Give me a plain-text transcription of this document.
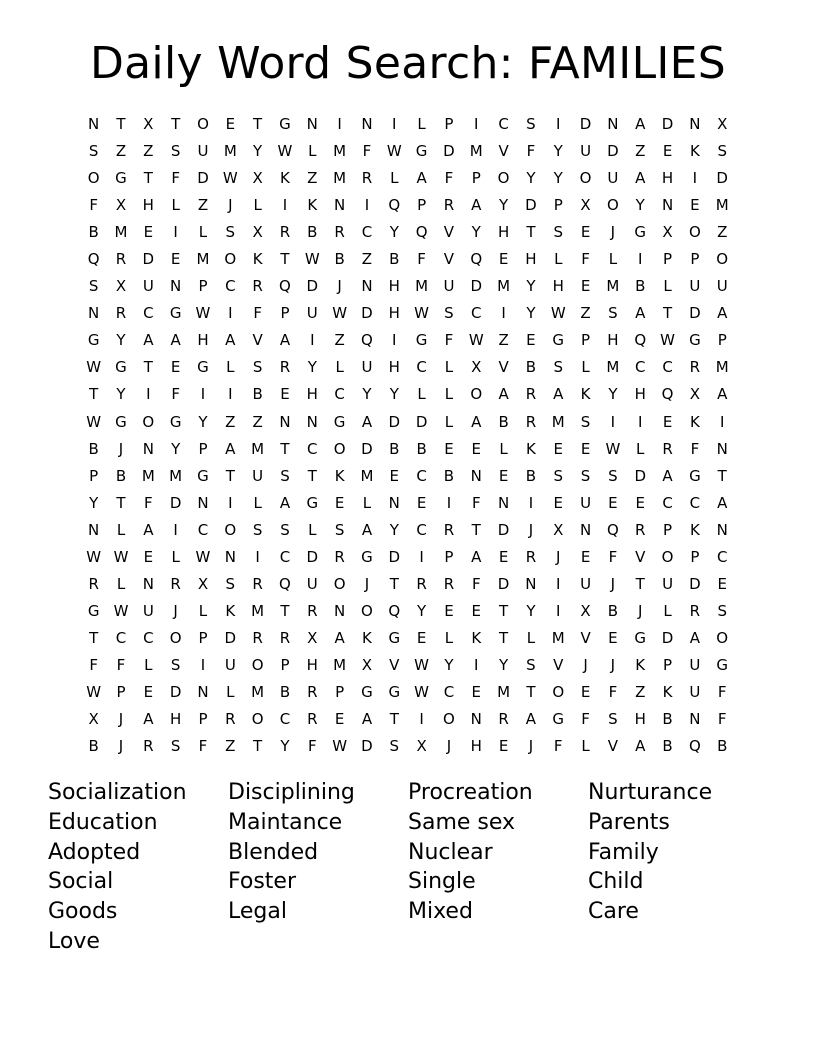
Daily Word Search: FAMILIES
N	T	X	T	O	E	T	G	N	I	N	I	L	P	I	C	S	I	D	N	A	D	N	X
S	Z	Z	S	U	M	Y	W	L	M	F	W G	D	M	V	F	Y	U	D	Z	E	K	S
O	G	T	F	D W X	K	Z	M	R	L	A	F	P	O	Y	Y	O	U	A	H	I	D
F	X	H	L	Z	J	L	I	K	N	I	Q	P	R	A	Y	D	P	X	O	Y	N	E	M
B	M	E	I	L	S	X	R	B	R	C	Y	Q	V	Y	H	T	S	E	J	G	X	O	Z
Q	R	D	E	M O	K	T	W B	Z	B	F	V	Q	E	H	L	F	L	I	P	P	O
S	X	U	N	P	C	R	Q	D	J	N	H	M	U	D	M	Y	H	E	M	B	L	U	U
N	R	C	G W	I	F	P	U W D	H W	S	C	I	Y	W Z	S	A	T	D	A
G	Y	A	A	H	A	V	A	I	Z	Q	I	G	F	W Z	E	G	P	H	Q W G	P
W G	T	E	G	L	S	R	Y	L	U	H	C	L	X	V	B	S	L	M	C	C	R	M
T	Y	I	F	I	I	B	E	H	C	Y	Y	L	L	O	A	R	A	K	Y	H	Q	X	A
W G	O	G	Y	Z	Z	N	N	G	A	D	D	L	A	B	R	M	S	I	I	E	K	I
B	J	N	Y	P	A	M	T	C	O	D	B	B	E	E	L	K	E	E	W	L	R	F	N
P	B	M M	G	T	U	S	T	K	M	E	C	B	N	E	B	S	S	S	D	A	G	T
Y	T	F	D	N	I	L	A	G	E	L	N	E	I	F	N	I	E	U	E	E	C	C	A
N	L	A	I	C	O	S	S	L	S	A	Y	C	R	T	D	J	X	N	Q	R	P	K	N
W W	E	L	W N	I	C	D	R	G	D	I	P	A	E	R	J	E	F	V	O	P	C
R	L	N	R	X	S	R	Q	U	O	J	T	R	R	F	D	N	I	U	J	T	U	D	E
G W U	J	L	K	M	T	R	N	O	Q	Y	E	E	T	Y	I	X	B	J	L	R	S
T	C	C	O	P	D	R	R	X	A	K	G	E	L	K	T	L	M	V	E	G	D	A	O
F	F	L	S	I	U	O	P	H	M	X	V W	Y	I	Y	S	V	J	J	K	P	U	G
W	P	E	D	N	L	M	B	R	P	G	G W C	E	M	T	O	E	F	Z	K	U	F
X	J	A	H	P	R	O	C	R	E	A	T	I	O	N	R	A	G	F	S	H	B	N	F
B	J	R	S	F	Z	T	Y	F	W D	S	X	J	H	E	J	F	L	V	A	B	Q	B
Socialization	Disciplining	Procreation	Nurturance
Education	Maintance	Same sex	Parents
Adopted	Blended	Nuclear	Family
Social	Foster	Single	Child
Goods	Legal	Mixed	Care
Love
